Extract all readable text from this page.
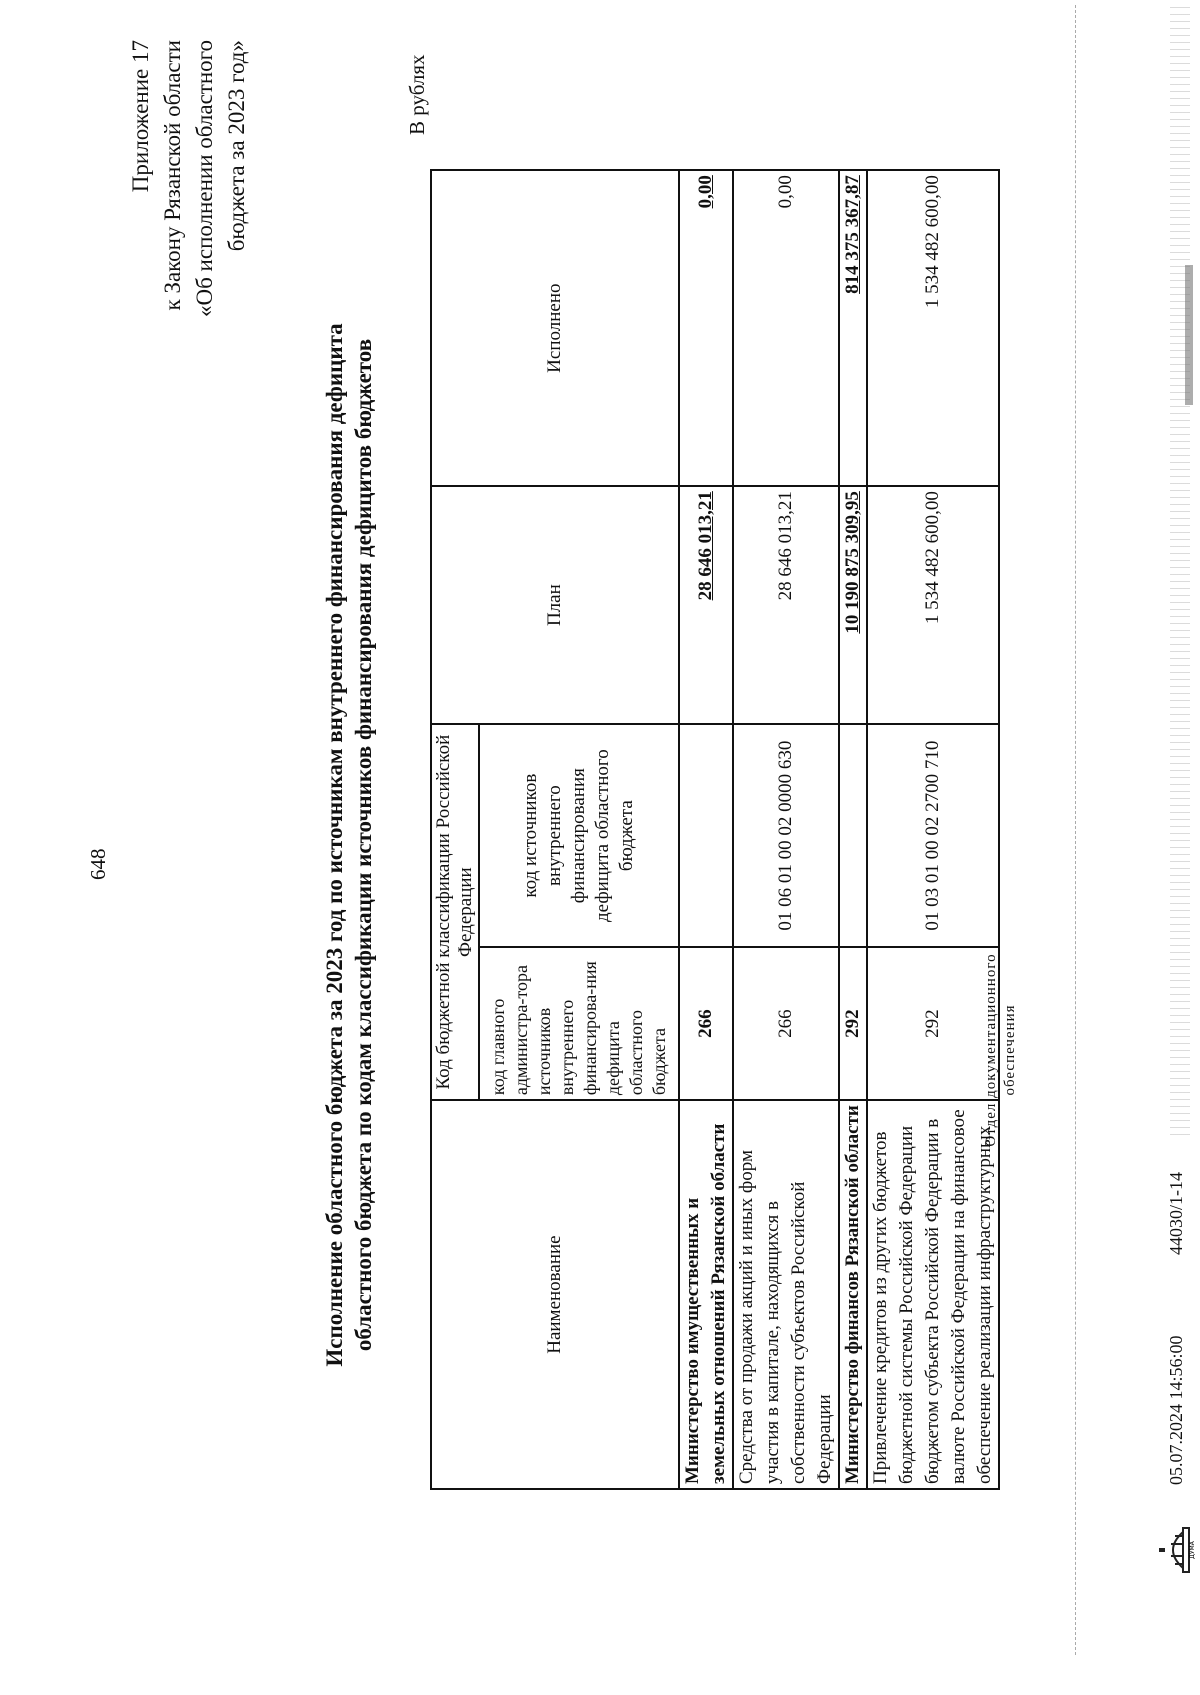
648
Приложение 17 к Закону Рязанской области «Об исполнении областного бюджета за 2023 год»
Исполнение областного бюджета за 2023 год по источникам внутреннего финансирования дефицита областного бюджета по кодам классификации источников финансирования дефицитов бюджетов
В рублях
Наименование	Код бюджетной классификации Российской Федерации		План	Исполнено
	код главного администра-тора источников внутреннего финансирова-ния дефицита областного бюджета	код источников внутреннего финансирования дефицита областного бюджета		
Министерство имущественных и земельных отношений Рязанской области	266		28 646 013,21	0,00
Средства от продажи акций и иных форм участия в капитале, находящихся в собственности субъектов Российской Федерации	266	01 06 01 00 02 0000 630	28 646 013,21	0,00
Министерство финансов Рязанской области	292		10 190 875 309,95	814 375 367,87
Привлечение кредитов из других бюджетов бюджетной системы Российской Федерации бюджетом субъекта Российской Федерации в валюте Российской Федерации на финансовое обеспечение реализации инфраструктурных	292	01 03 01 00 02 2700 710	1 534 482 600,00	1 534 482 600,00
Отдел документационного обеспечения
ДУМА
05.07.2024 14:56:00
44030/1-14
